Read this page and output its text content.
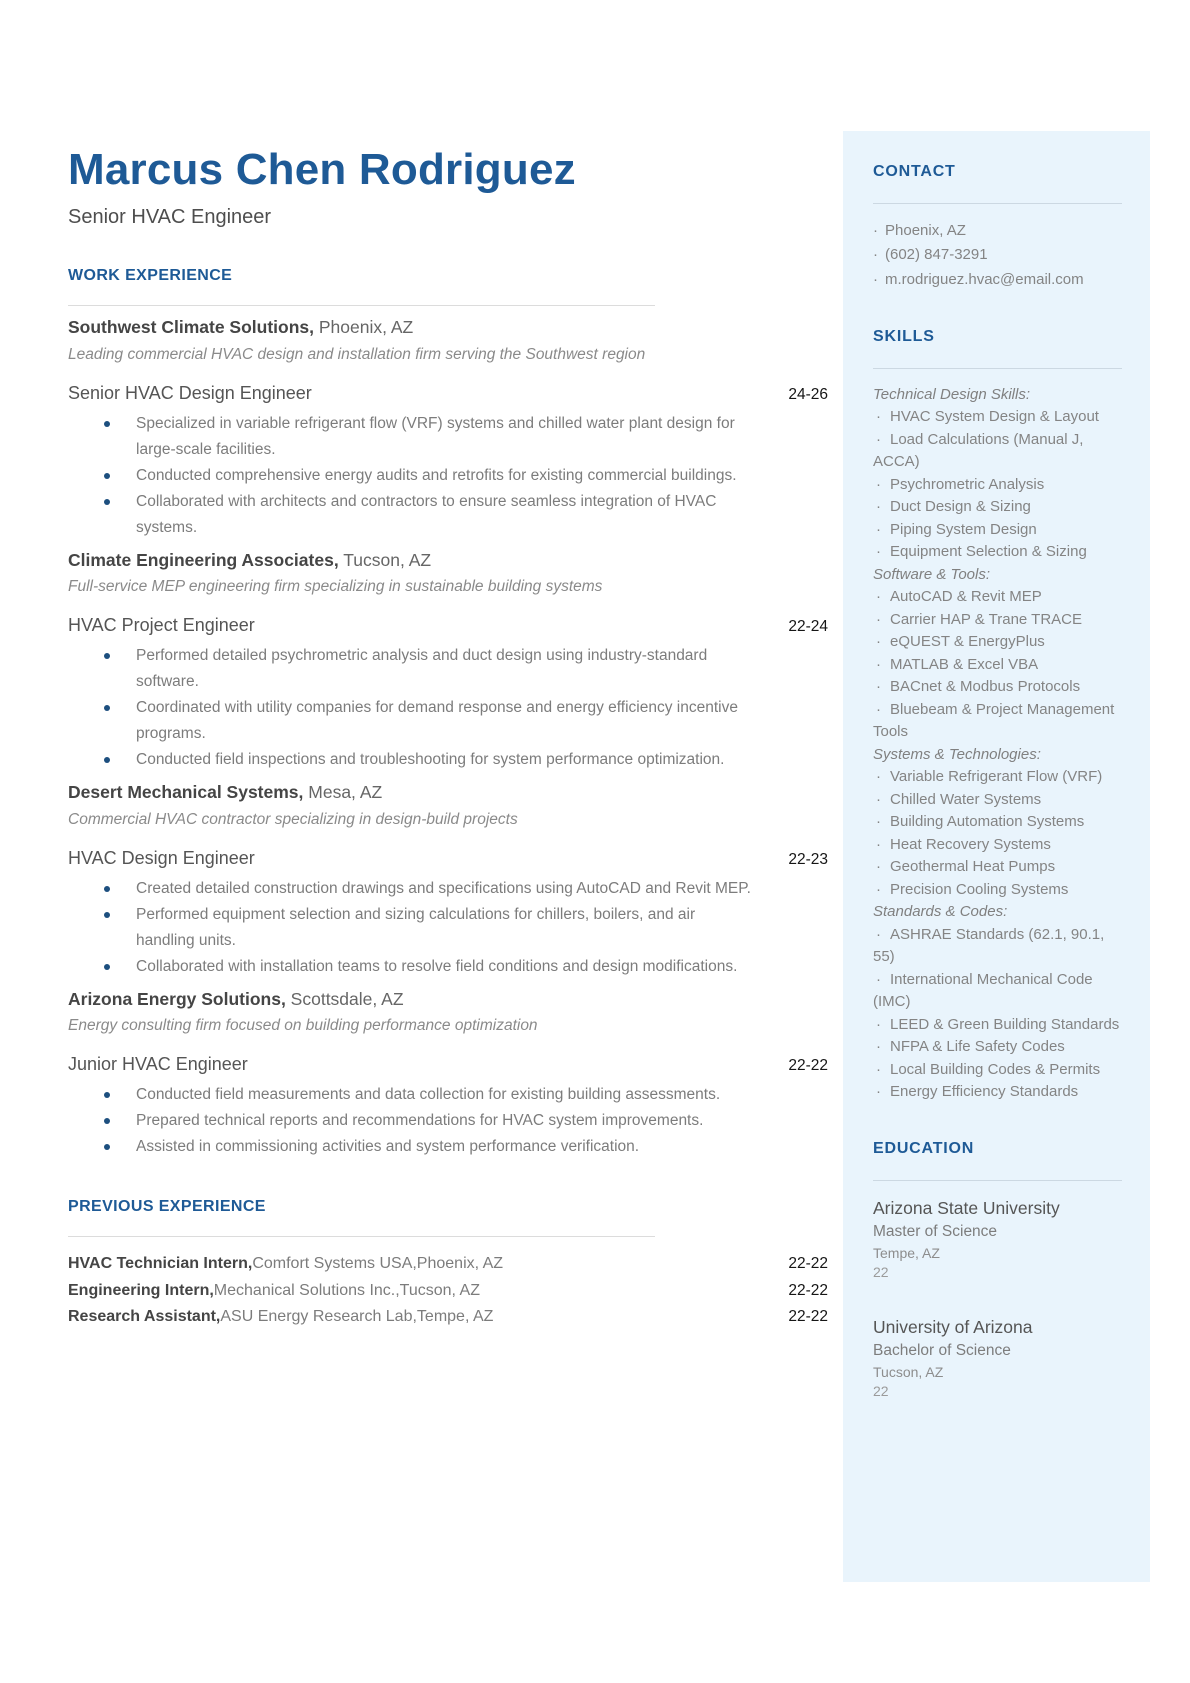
Marcus Chen Rodriguez
Senior HVAC Engineer
WORK EXPERIENCE
Southwest Climate Solutions, Phoenix, AZ
Leading commercial HVAC design and installation firm serving the Southwest region
Senior HVAC Design Engineer	24-26
Specialized in variable refrigerant flow (VRF) systems and chilled water plant design for large-scale facilities.
Conducted comprehensive energy audits and retrofits for existing commercial buildings.
Collaborated with architects and contractors to ensure seamless integration of HVAC systems.
Climate Engineering Associates, Tucson, AZ
Full-service MEP engineering firm specializing in sustainable building systems
HVAC Project Engineer	22-24
Performed detailed psychrometric analysis and duct design using industry-standard software.
Coordinated with utility companies for demand response and energy efficiency incentive programs.
Conducted field inspections and troubleshooting for system performance optimization.
Desert Mechanical Systems, Mesa, AZ
Commercial HVAC contractor specializing in design-build projects
HVAC Design Engineer	22-23
Created detailed construction drawings and specifications using AutoCAD and Revit MEP.
Performed equipment selection and sizing calculations for chillers, boilers, and air handling units.
Collaborated with installation teams to resolve field conditions and design modifications.
Arizona Energy Solutions, Scottsdale, AZ
Energy consulting firm focused on building performance optimization
Junior HVAC Engineer	22-22
Conducted field measurements and data collection for existing building assessments.
Prepared technical reports and recommendations for HVAC system improvements.
Assisted in commissioning activities and system performance verification.
PREVIOUS EXPERIENCE
HVAC Technician Intern, Comfort Systems USA,Phoenix, AZ	22-22
Engineering Intern, Mechanical Solutions Inc.,Tucson, AZ	22-22
Research Assistant, ASU Energy Research Lab,Tempe, AZ	22-22
CONTACT
· Phoenix, AZ
· (602) 847-3291
· m.rodriguez.hvac@email.com
SKILLS
Technical Design Skills:
· HVAC System Design & Layout
· Load Calculations (Manual J, ACCA)
· Psychrometric Analysis
· Duct Design & Sizing
· Piping System Design
· Equipment Selection & Sizing
Software & Tools:
· AutoCAD & Revit MEP
· Carrier HAP & Trane TRACE
· eQUEST & EnergyPlus
· MATLAB & Excel VBA
· BACnet & Modbus Protocols
· Bluebeam & Project Management Tools
Systems & Technologies:
· Variable Refrigerant Flow (VRF)
· Chilled Water Systems
· Building Automation Systems
· Heat Recovery Systems
· Geothermal Heat Pumps
· Precision Cooling Systems
Standards & Codes:
· ASHRAE Standards (62.1, 90.1, 55)
· International Mechanical Code (IMC)
· LEED & Green Building Standards
· NFPA & Life Safety Codes
· Local Building Codes & Permits
· Energy Efficiency Standards
EDUCATION
Arizona State University
Master of Science
Tempe, AZ
22
University of Arizona
Bachelor of Science
Tucson, AZ
22
